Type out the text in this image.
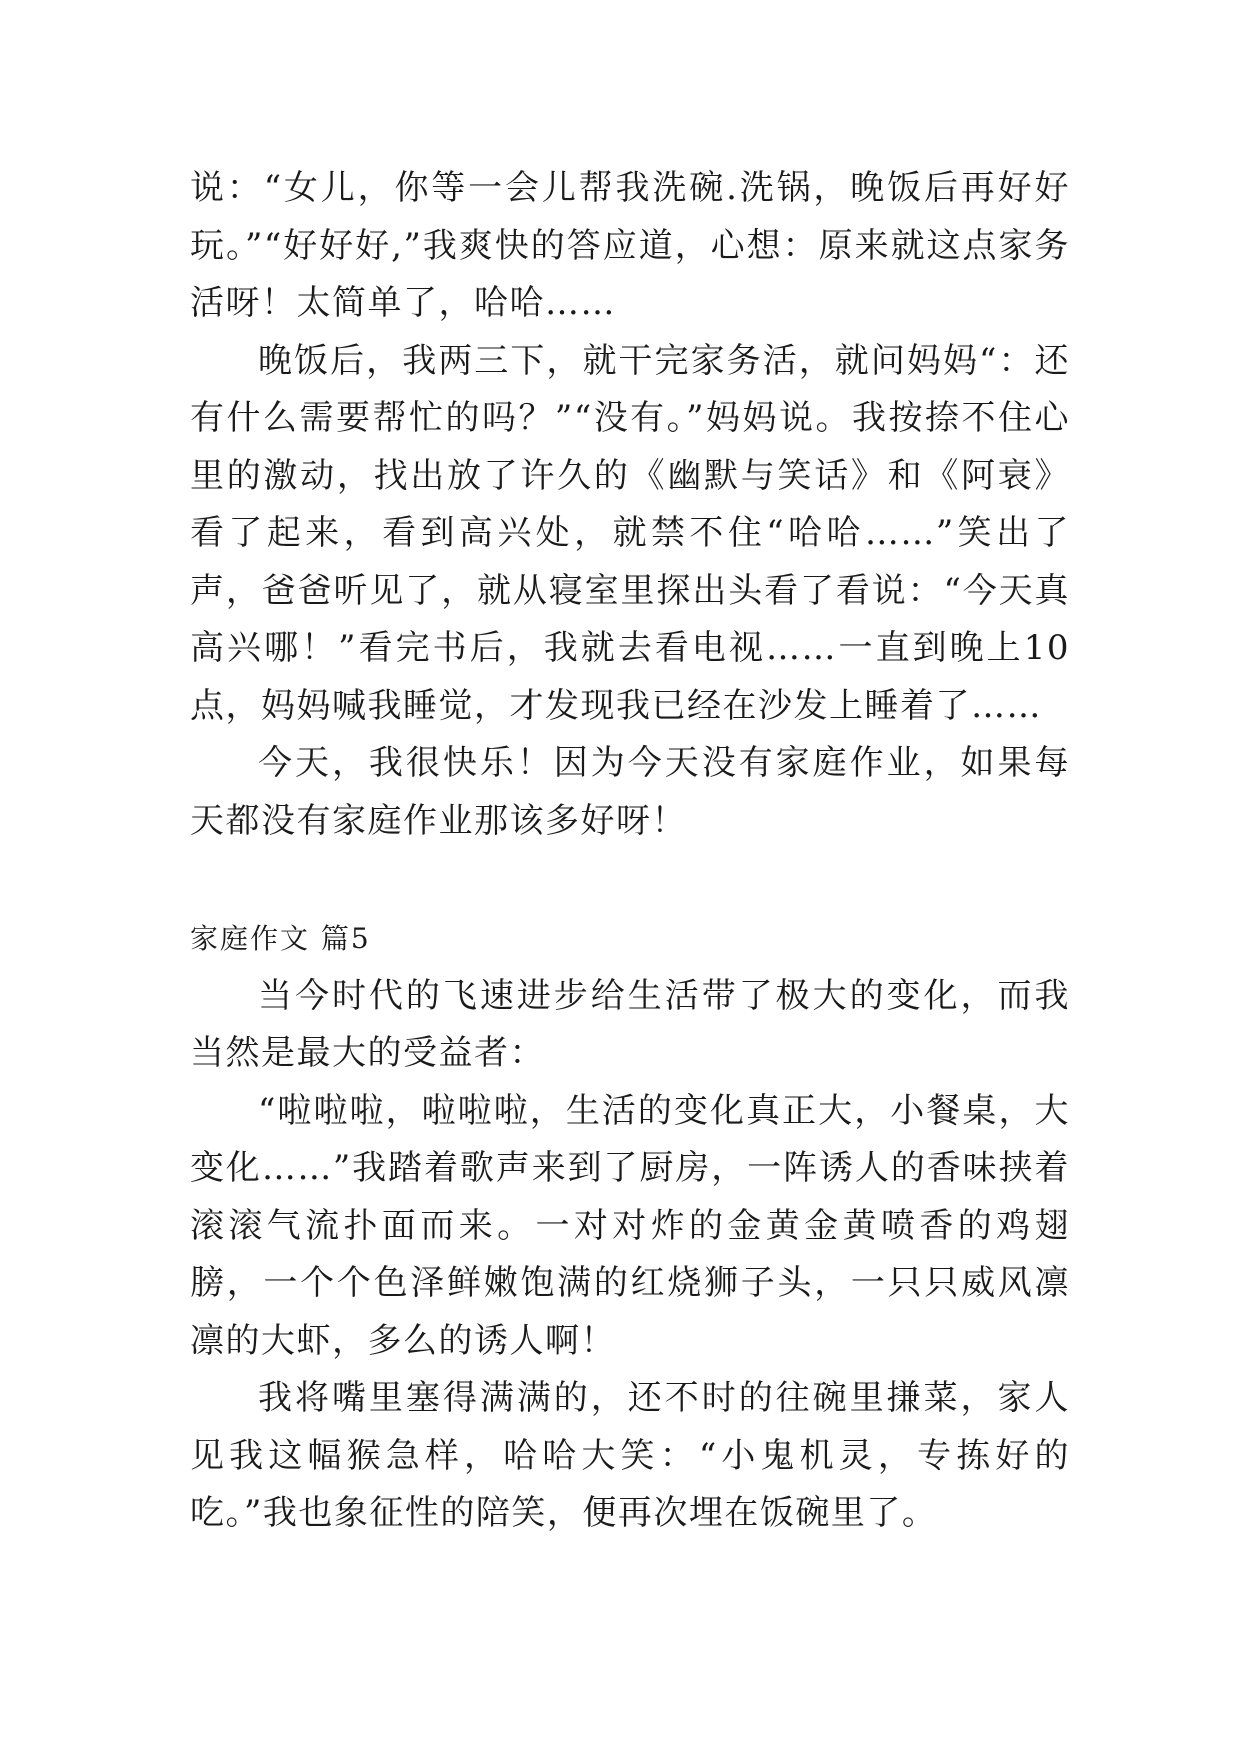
说：“女儿，你等一会儿帮我洗碗.洗锅，晚饭后再好好玩。”“好好好,”我爽快的答应道，心想：原来就这点家务活呀！太简单了，哈哈……

晚饭后，我两三下，就干完家务活，就问妈妈“：还有什么需要帮忙的吗？”“没有。”妈妈说。我按捺不住心里的激动，找出放了许久的《幽默与笑话》和《阿衰》看了起来，看到高兴处，就禁不住“哈哈……”笑出了声，爸爸听见了，就从寝室里探出头看了看说：“今天真高兴哪！”看完书后，我就去看电视……一直到晚上10点，妈妈喊我睡觉，才发现我已经在沙发上睡着了……

今天，我很快乐！因为今天没有家庭作业，如果每天都没有家庭作业那该多好呀！

家庭作文 篇5

当今时代的飞速进步给生活带了极大的变化，而我当然是最大的受益者：

“啦啦啦，啦啦啦，生活的变化真正大，小餐桌，大变化……”我踏着歌声来到了厨房，一阵诱人的香味挟着滚滚气流扑面而来。一对对炸的金黄金黄喷香的鸡翅膀，一个个色泽鲜嫩饱满的红烧狮子头，一只只威风凛凛的大虾，多么的诱人啊！

我将嘴里塞得满满的，还不时的往碗里搛菜，家人见我这幅猴急样，哈哈大笑：“小鬼机灵，专拣好的吃。”我也象征性的陪笑，便再次埋在饭碗里了。
